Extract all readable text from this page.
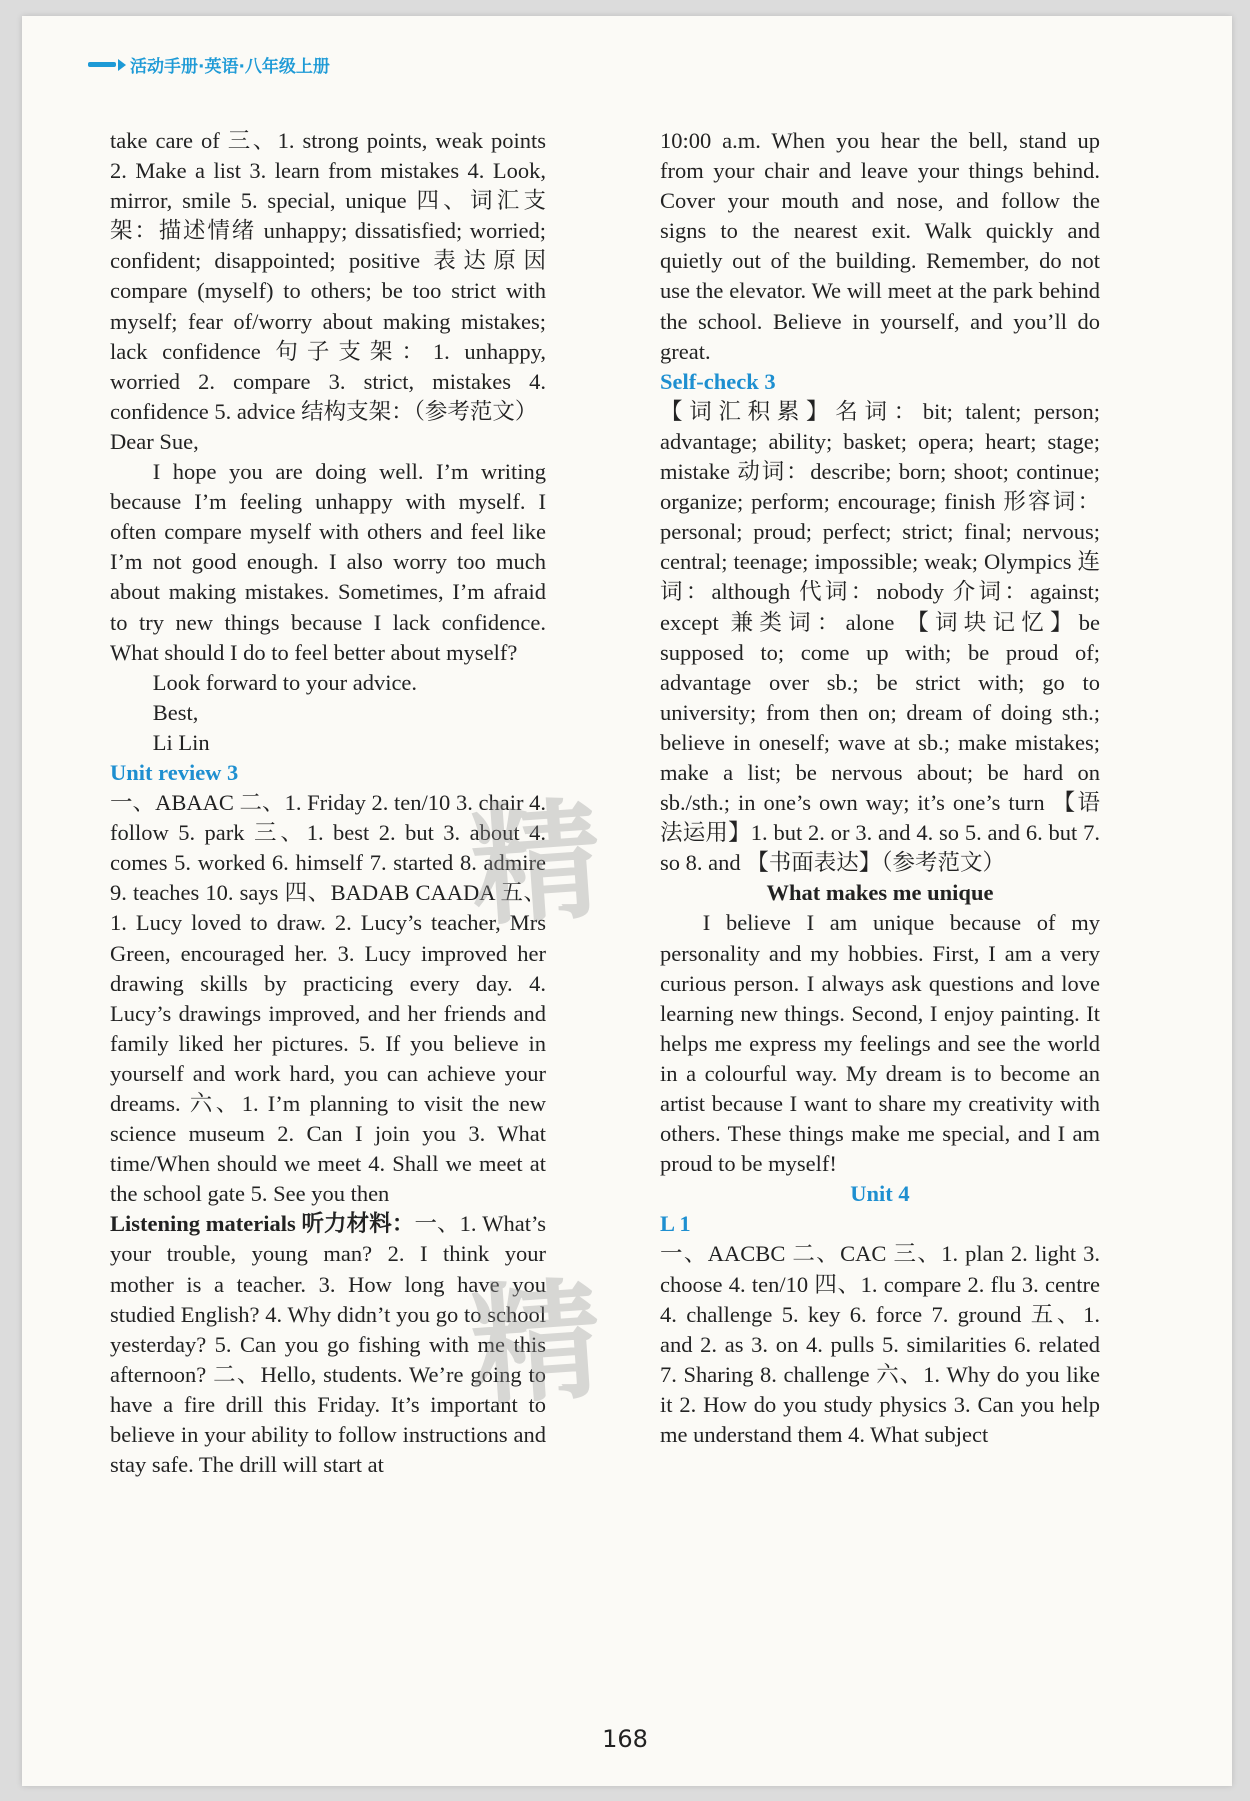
活动手册·英语·八年级上册

take care of 三、1. strong points, weak points 2. Make a list 3. learn from mistakes 4. Look, mirror, smile 5. special, unique 四、词汇支架：描述情绪 unhappy; dissatisfied; worried; confident; disappointed; positive 表达原因 compare (myself) to others; be too strict with myself; fear of/worry about making mistakes; lack confidence 句子支架：1. unhappy, worried 2. compare 3. strict, mistakes 4. confidence 5. advice 结构支架：（参考范文）

Dear Sue,

I hope you are doing well. I’m writing because I’m feeling unhappy with myself. I often compare myself with others and feel like I’m not good enough. I also worry too much about making mistakes. Sometimes, I’m afraid to try new things because I lack confidence. What should I do to feel better about myself?

Look forward to your advice.

Best,

Li Lin

Unit review 3

一、ABAAC 二、1. Friday 2. ten/10 3. chair 4. follow 5. park 三、1. best 2. but 3. about 4. comes 5. worked 6. himself 7. started 8. admire 9. teaches 10. says 四、BADAB CAADA 五、1. Lucy loved to draw. 2. Lucy’s teacher, Mrs Green, encouraged her. 3. Lucy improved her drawing skills by practicing every day. 4. Lucy’s drawings improved, and her friends and family liked her pictures. 5. If you believe in yourself and work hard, you can achieve your dreams. 六、1. I’m planning to visit the new science museum 2. Can I join you 3. What time/When should we meet 4. Shall we meet at the school gate 5. See you then

Listening materials 听力材料：一、1. What’s your trouble, young man? 2. I think your mother is a teacher. 3. How long have you studied English? 4. Why didn’t you go to school yesterday? 5. Can you go fishing with me this afternoon? 二、Hello, students. We’re going to have a fire drill this Friday. It’s important to believe in your ability to follow instructions and stay safe. The drill will start at

10:00 a.m. When you hear the bell, stand up from your chair and leave your things behind. Cover your mouth and nose, and follow the signs to the nearest exit. Walk quickly and quietly out of the building. Remember, do not use the elevator. We will meet at the park behind the school. Believe in yourself, and you’ll do great.

Self-check 3

【词汇积累】名词：bit; talent; person; advantage; ability; basket; opera; heart; stage; mistake 动词：describe; born; shoot; continue; organize; perform; encourage; finish 形容词：personal; proud; perfect; strict; final; nervous; central; teenage; impossible; weak; Olympics 连词：although 代词：nobody 介词：against; except 兼类词：alone 【词块记忆】be supposed to; come up with; be proud of; advantage over sb.; be strict with; go to university; from then on; dream of doing sth.; believe in oneself; wave at sb.; make mistakes; make a list; be nervous about; be hard on sb./sth.; in one’s own way; it’s one’s turn 【语法运用】1. but 2. or 3. and 4. so 5. and 6. but 7. so 8. and 【书面表达】（参考范文）

What makes me unique

I believe I am unique because of my personality and my hobbies. First, I am a very curious person. I always ask questions and love learning new things. Second, I enjoy painting. It helps me express my feelings and see the world in a colourful way. My dream is to become an artist because I want to share my creativity with others. These things make me special, and I am proud to be myself!

Unit 4

L 1

一、AACBC 二、CAC 三、1. plan 2. light 3. choose 4. ten/10 四、1. compare 2. flu 3. centre 4. challenge 5. key 6. force 7. ground 五、1. and 2. as 3. on 4. pulls 5. similarities 6. related 7. Sharing 8. challenge 六、1. Why do you like it 2. How do you study physics 3. Can you help me understand them 4. What subject

精
精
168
